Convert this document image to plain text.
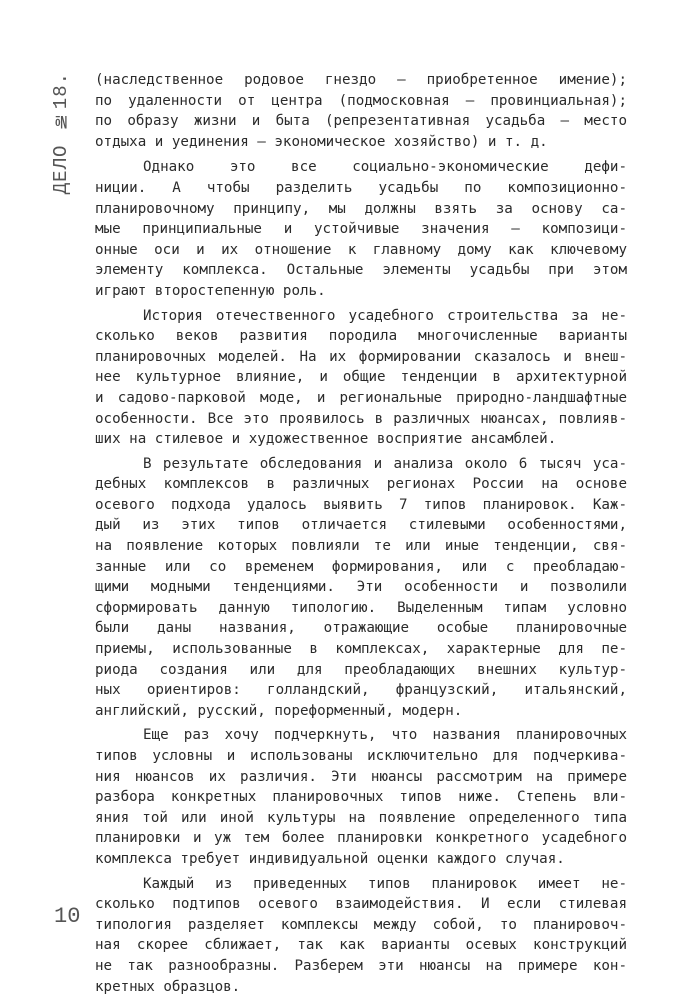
ДЕЛО №18. (наследственное родовое гнездо — приобретенное имение);
по удаленности от центра (подмосковная — провинциальная);
по образу жизни и быта (репрезентативная усадьба — место
отдыха и уединения — экономическое хозяйство) и т. д.

Однако это все социально-экономические дефи-
ниции. А чтобы разделить усадьбы по композиционно-
планировочному принципу, мы должны взять за основу са-
мые принципиальные и устойчивые значения — композици-
онные оси и их отношение к главному дому как ключевому
элементу комплекса. Остальные элементы усадьбы при этом
играют второстепенную роль.

История отечественного усадебного строительства за не-
сколько веков развития породила многочисленные варианты
планировочных моделей. На их формировании сказалось и внеш-
нее культурное влияние, и общие тенденции в архитектурной
и садово-парковой моде, и региональные природно-ландшафтные
особенности. Все это проявилось в различных нюансах, повлияв-
ших на стилевое и художественное восприятие ансамблей.

В результате обследования и анализа около 6 тысяч уса-
дебных комплексов в различных регионах России на основе
осевого подхода удалось выявить 7 типов планировок. Каж-
дый из этих типов отличается стилевыми особенностями,
на появление которых повлияли те или иные тенденции, свя-
занные или со временем формирования, или с преобладаю-
щими модными тенденциями. Эти особенности и позволили
сформировать данную типологию. Выделенным типам условно
были даны названия, отражающие особые планировочные
приемы, использованные в комплексах, характерные для пе-
риода создания или для преобладающих внешних культур-
ных ориентиров: голландский, французский, итальянский,
английский, русский, пореформенный, модерн.

Еще раз хочу подчеркнуть, что названия планировочных
типов условны и использованы исключительно для подчеркива-
ния нюансов их различия. Эти нюансы рассмотрим на примере
разбора конкретных планировочных типов ниже. Степень вли-
яния той или иной культуры на появление определенного типа
планировки и уж тем более планировки конкретного усадебного
комплекса требует индивидуальной оценки каждого случая.

Каждый из приведенных типов планировок имеет не-
сколько подтипов осевого взаимодействия. И если стилевая
типология разделяет комплексы между собой, то планировоч-
ная скорее сближает, так как варианты осевых конструкций
не так разнообразны. Разберем эти нюансы на примере кон-
кретных образцов.

10
